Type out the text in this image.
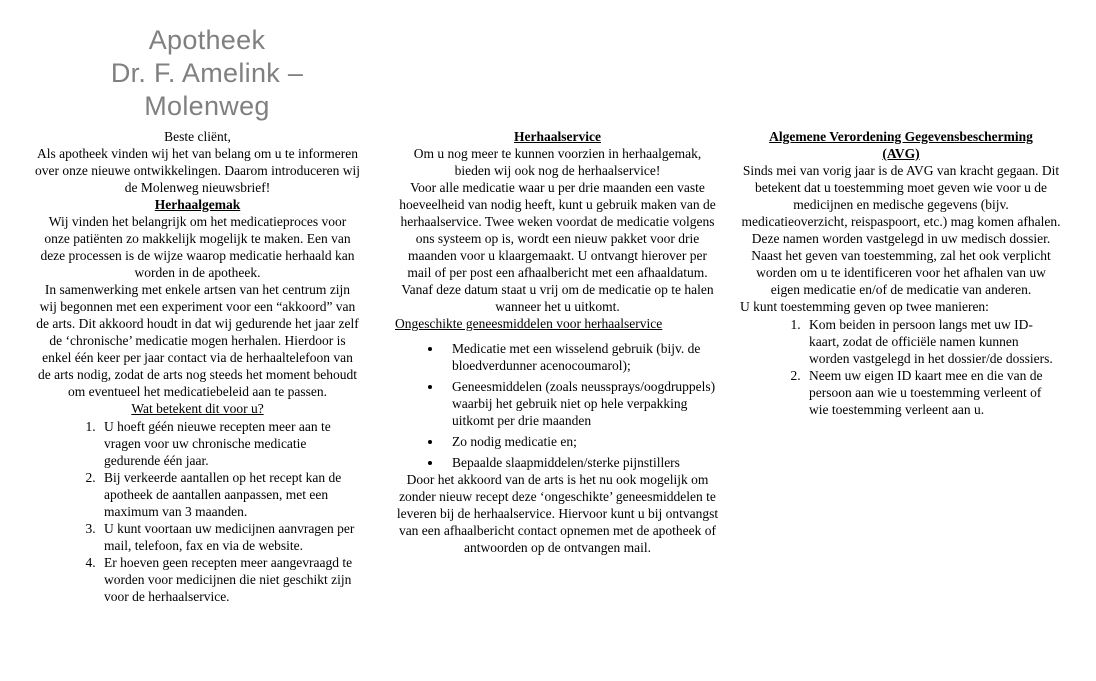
Apotheek
Dr. F. Amelink – Molenweg

Beste cliënt,

Als apotheek vinden wij het van belang om u te informeren over onze nieuwe ontwikkelingen. Daarom introduceren wij de Molenweg nieuwsbrief!

Herhaalgemak

Wij vinden het belangrijk om het medicatieproces voor onze patiënten zo makkelijk mogelijk te maken. Een van deze processen is de wijze waarop medicatie herhaald kan worden in de apotheek.

In samenwerking met enkele artsen van het centrum zijn wij begonnen met een experiment voor een “akkoord” van de arts. Dit akkoord houdt in dat wij gedurende het jaar zelf de ‘chronische’ medicatie mogen herhalen. Hierdoor is enkel één keer per jaar contact via de herhaaltelefoon van de arts nodig, zodat de arts nog steeds het moment behoudt om eventueel het medicatiebeleid aan te passen.

Wat betekent dit voor u?

1. U hoeft géén nieuwe recepten meer aan te vragen voor uw chronische medicatie gedurende één jaar.
2. Bij verkeerde aantallen op het recept kan de apotheek de aantallen aanpassen, met een maximum van 3 maanden.
3. U kunt voortaan uw medicijnen aanvragen per mail, telefoon, fax en via de website.
4. Er hoeven geen recepten meer aangevraagd te worden voor medicijnen die niet geschikt zijn voor de herhaalservice.

Herhaalservice

Om u nog meer te kunnen voorzien in herhaalgemak, bieden wij ook nog de herhaalservice!

Voor alle medicatie waar u per drie maanden een vaste hoeveelheid van nodig heeft, kunt u gebruik maken van de herhaalservice. Twee weken voordat de medicatie volgens ons systeem op is, wordt een nieuw pakket voor drie maanden voor u klaargemaakt. U ontvangt hierover per mail of per post een afhaalbericht met een afhaaldatum. Vanaf deze datum staat u vrij om de medicatie op te halen wanneer het u uitkomt.

Ongeschikte geneesmiddelen voor herhaalservice

• Medicatie met een wisselend gebruik (bijv. de bloedverdunner acenocoumarol);
• Geneesmiddelen (zoals neussprays/oogdruppels) waarbij het gebruik niet op hele verpakking uitkomt per drie maanden
• Zo nodig medicatie en;
• Bepaalde slaapmiddelen/sterke pijnstillers

Door het akkoord van de arts is het nu ook mogelijk om zonder nieuw recept deze ‘ongeschikte’ geneesmiddelen te leveren bij de herhaalservice. Hiervoor kunt u bij ontvangst van een afhaalbericht contact opnemen met de apotheek of antwoorden op de ontvangen mail.

Algemene Verordening Gegevensbescherming
(AVG)

Sinds mei van vorig jaar is de AVG van kracht gegaan. Dit betekent dat u toestemming moet geven wie voor u de medicijnen en medische gegevens (bijv. medicatieoverzicht, reispaspoort, etc.) mag komen afhalen. Deze namen worden vastgelegd in uw medisch dossier.

Naast het geven van toestemming, zal het ook verplicht worden om u te identificeren voor het afhalen van uw eigen medicatie en/of de medicatie van anderen.

U kunt toestemming geven op twee manieren:

1. Kom beiden in persoon langs met uw ID-kaart, zodat de officiële namen kunnen worden vastgelegd in het dossier/de dossiers.
2. Neem uw eigen ID kaart mee en die van de persoon aan wie u toestemming verleent of wie toestemming verleent aan u.
